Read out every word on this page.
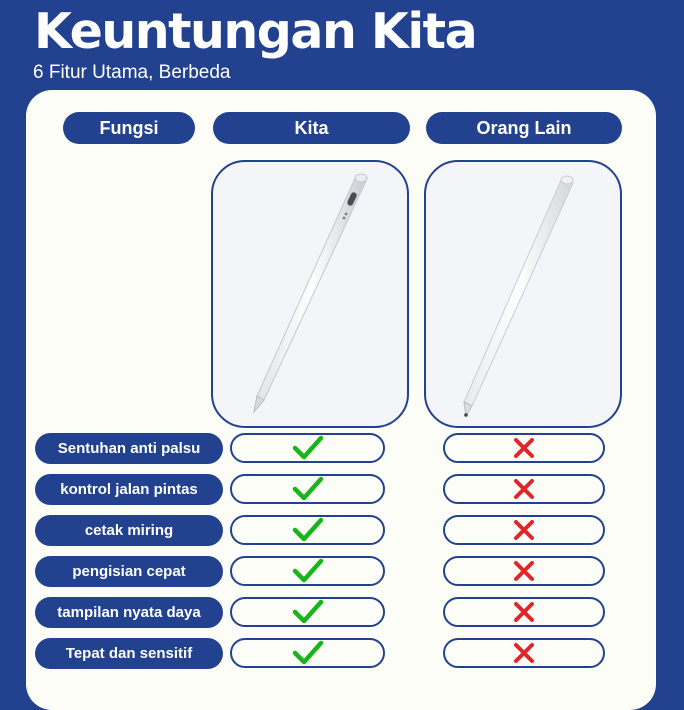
Keuntungan Kita
6 Fitur Utama, Berbeda
Fungsi	Kita	Orang Lain
Sentuhan anti palsu
kontrol jalan pintas
cetak miring
pengisian cepat
tampilan nyata daya
Tepat dan sensitif
